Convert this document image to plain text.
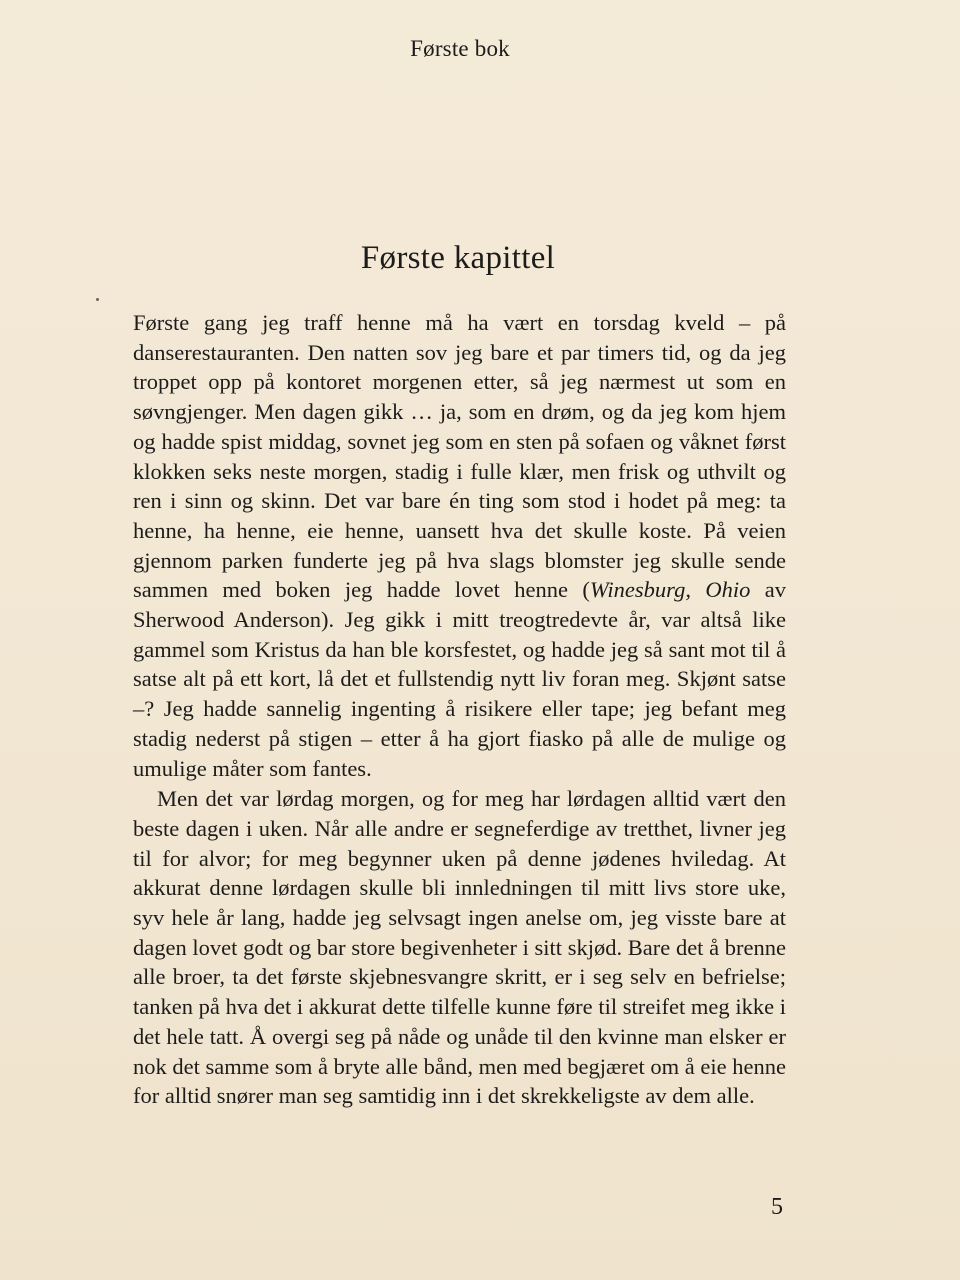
Første bok
Første kapittel

Første gang jeg traff henne må ha vært en torsdag kveld – på danserestauranten. Den natten sov jeg bare et par timers tid, og da jeg troppet opp på kontoret morgenen etter, så jeg nærmest ut som en søvngjenger. Men dagen gikk … ja, som en drøm, og da jeg kom hjem og hadde spist middag, sovnet jeg som en sten på sofaen og våknet først klokken seks neste morgen, stadig i fulle klær, men frisk og uthvilt og ren i sinn og skinn. Det var bare én ting som stod i hodet på meg: ta henne, ha henne, eie henne, uansett hva det skulle koste. På veien gjennom parken funderte jeg på hva slags blomster jeg skulle sende sammen med boken jeg hadde lovet henne (Winesburg, Ohio av Sherwood Anderson). Jeg gikk i mitt treogtredevte år, var altså like gammel som Kristus da han ble korsfestet, og hadde jeg så sant mot til å satse alt på ett kort, lå det et fullstendig nytt liv foran meg. Skjønt satse –? Jeg hadde sannelig ingenting å risikere eller tape; jeg befant meg stadig nederst på stigen – etter å ha gjort fiasko på alle de mulige og umulige måter som fantes.

Men det var lørdag morgen, og for meg har lørdagen alltid vært den beste dagen i uken. Når alle andre er segneferdige av tretthet, livner jeg til for alvor; for meg begynner uken på denne jødenes hviledag. At akkurat denne lørdagen skulle bli innledningen til mitt livs store uke, syv hele år lang, hadde jeg selvsagt ingen anelse om, jeg visste bare at dagen lovet godt og bar store begivenheter i sitt skjød. Bare det å brenne alle broer, ta det første skjebnesvangre skritt, er i seg selv en befrielse; tanken på hva det i akkurat dette tilfelle kunne føre til streifet meg ikke i det hele tatt. Å overgi seg på nåde og unåde til den kvinne man elsker er nok det samme som å bryte alle bånd, men med begjæret om å eie henne for alltid snører man seg samtidig inn i det skrekkeligste av dem alle.

5
